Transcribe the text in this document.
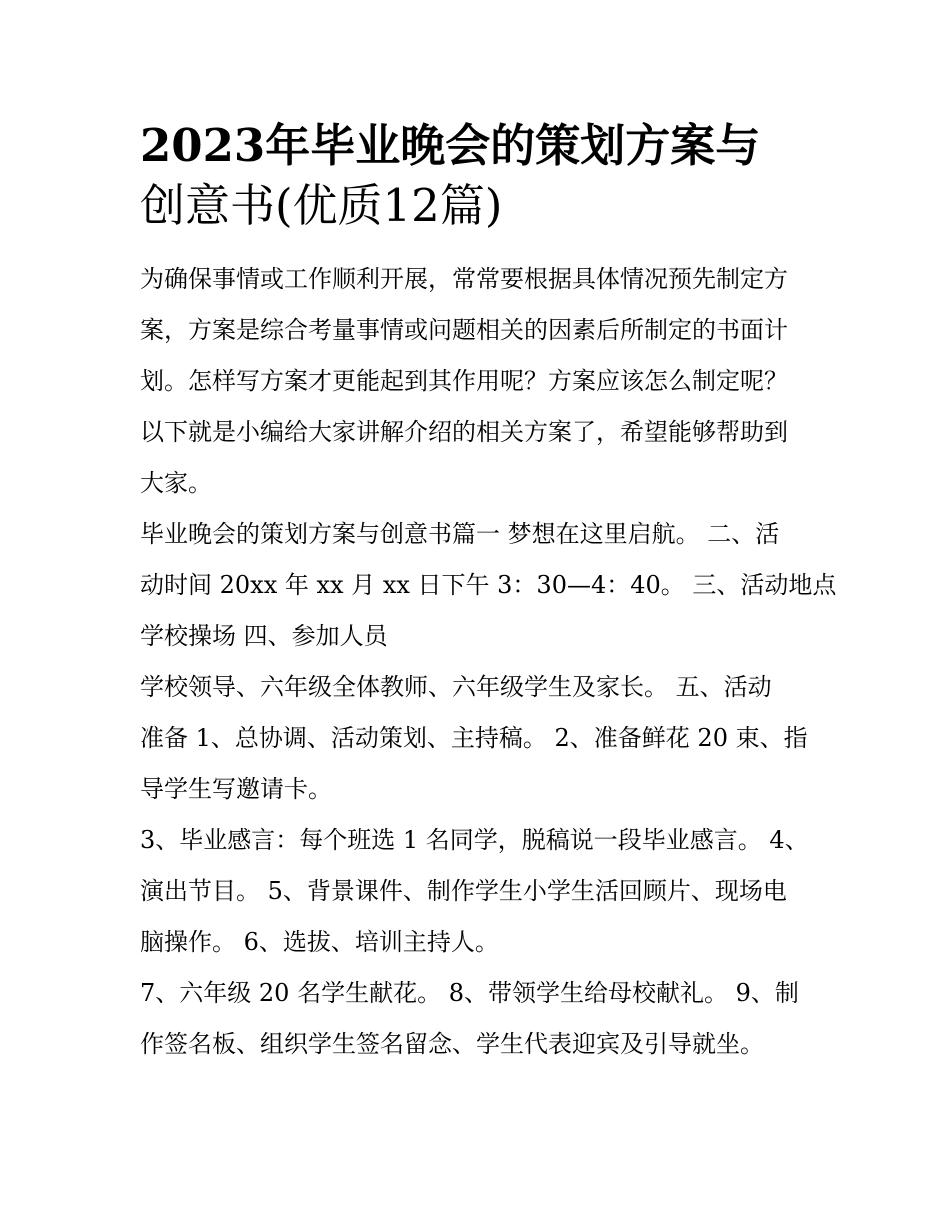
2023年毕业晚会的策划方案与
创意书(优质12篇)

为确保事情或工作顺利开展，常常要根据具体情况预先制定方
案，方案是综合考量事情或问题相关的因素后所制定的书面计
划。怎样写方案才更能起到其作用呢？方案应该怎么制定呢？
以下就是小编给大家讲解介绍的相关方案了，希望能够帮助到
大家。

毕业晚会的策划方案与创意书篇一 梦想在这里启航。 二、活
动时间 20xx 年 xx 月 xx 日下午 3：30—4：40。 三、活动地点
学校操场 四、参加人员

学校领导、六年级全体教师、六年级学生及家长。 五、活动
准备 1、总协调、活动策划、主持稿。 2、准备鲜花 20 束、指
导学生写邀请卡。

3、毕业感言：每个班选 1 名同学，脱稿说一段毕业感言。 4、
演出节目。 5、背景课件、制作学生小学生活回顾片、现场电
脑操作。 6、选拔、培训主持人。

7、六年级 20 名学生献花。 8、带领学生给母校献礼。 9、制
作签名板、组织学生签名留念、学生代表迎宾及引导就坐。
